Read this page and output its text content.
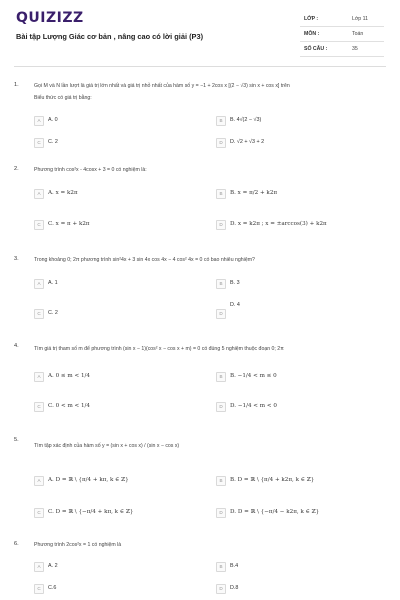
QUIZIZZ
Bài tập Lượng Giác cơ bản , nâng cao có lời giải (P3)
LỚP :	Lớp 11
MÔN :	Toán
SỐ CÂU :	35
1.	Gọi M và N lần lượt là giá trị lớn nhất và giá trị nhỏ nhất của hàm số y = −1 + 2cos x [(2 − √3) sin x + cos x] trên
Biểu thức có giá trị bằng:
A	A. 0	B	B. 4√(2 − √3)
C	C. 2	D	D. √2 + √3 + 2
2.	Phương trình cos²x - 4cosx + 3 = 0 có nghiệm là:
A	A. x = k2π	B	B. x = π/2 + k2π
C	C. x = π + k2π	D	D. x = k2π ; x = ±arccos(3) + k2π
3.	Trong khoảng 0; 2π phương trình sin²4x + 3 sin 4x cos 4x − 4 cos² 4x = 0 có bao nhiêu nghiệm?
A	A. 1	B	B. 3
C	C. 2	D
D. 4
4.	Tìm giá trị tham số m để phương trình (sin x − 1)(cos² x − cos x + m) = 0 có đúng 5 nghiệm thuộc đoạn 0; 2π
A	A. 0 ≤ m < 1/4	B	B. −1/4 < m ≤ 0
C	C. 0 < m < 1/4	D	D. −1/4 < m < 0
5.
Tìm tập xác định của hàm số y = (sin x + cos x) / (sin x − cos x)
A	A. D = ℝ \ {π/4 + kπ, k ∈ ℤ}	B	B. D = ℝ \ {π/4 + k2π, k ∈ ℤ}
C	C. D = ℝ \ {−π/4 + kπ, k ∈ ℤ}	D	D. D = ℝ \ {−π/4 − k2π, k ∈ ℤ}
6.	Phương trình 2cos²x = 1 có nghiệm là
A	A. 2	B	B.4
C	C.6	D	D.8
